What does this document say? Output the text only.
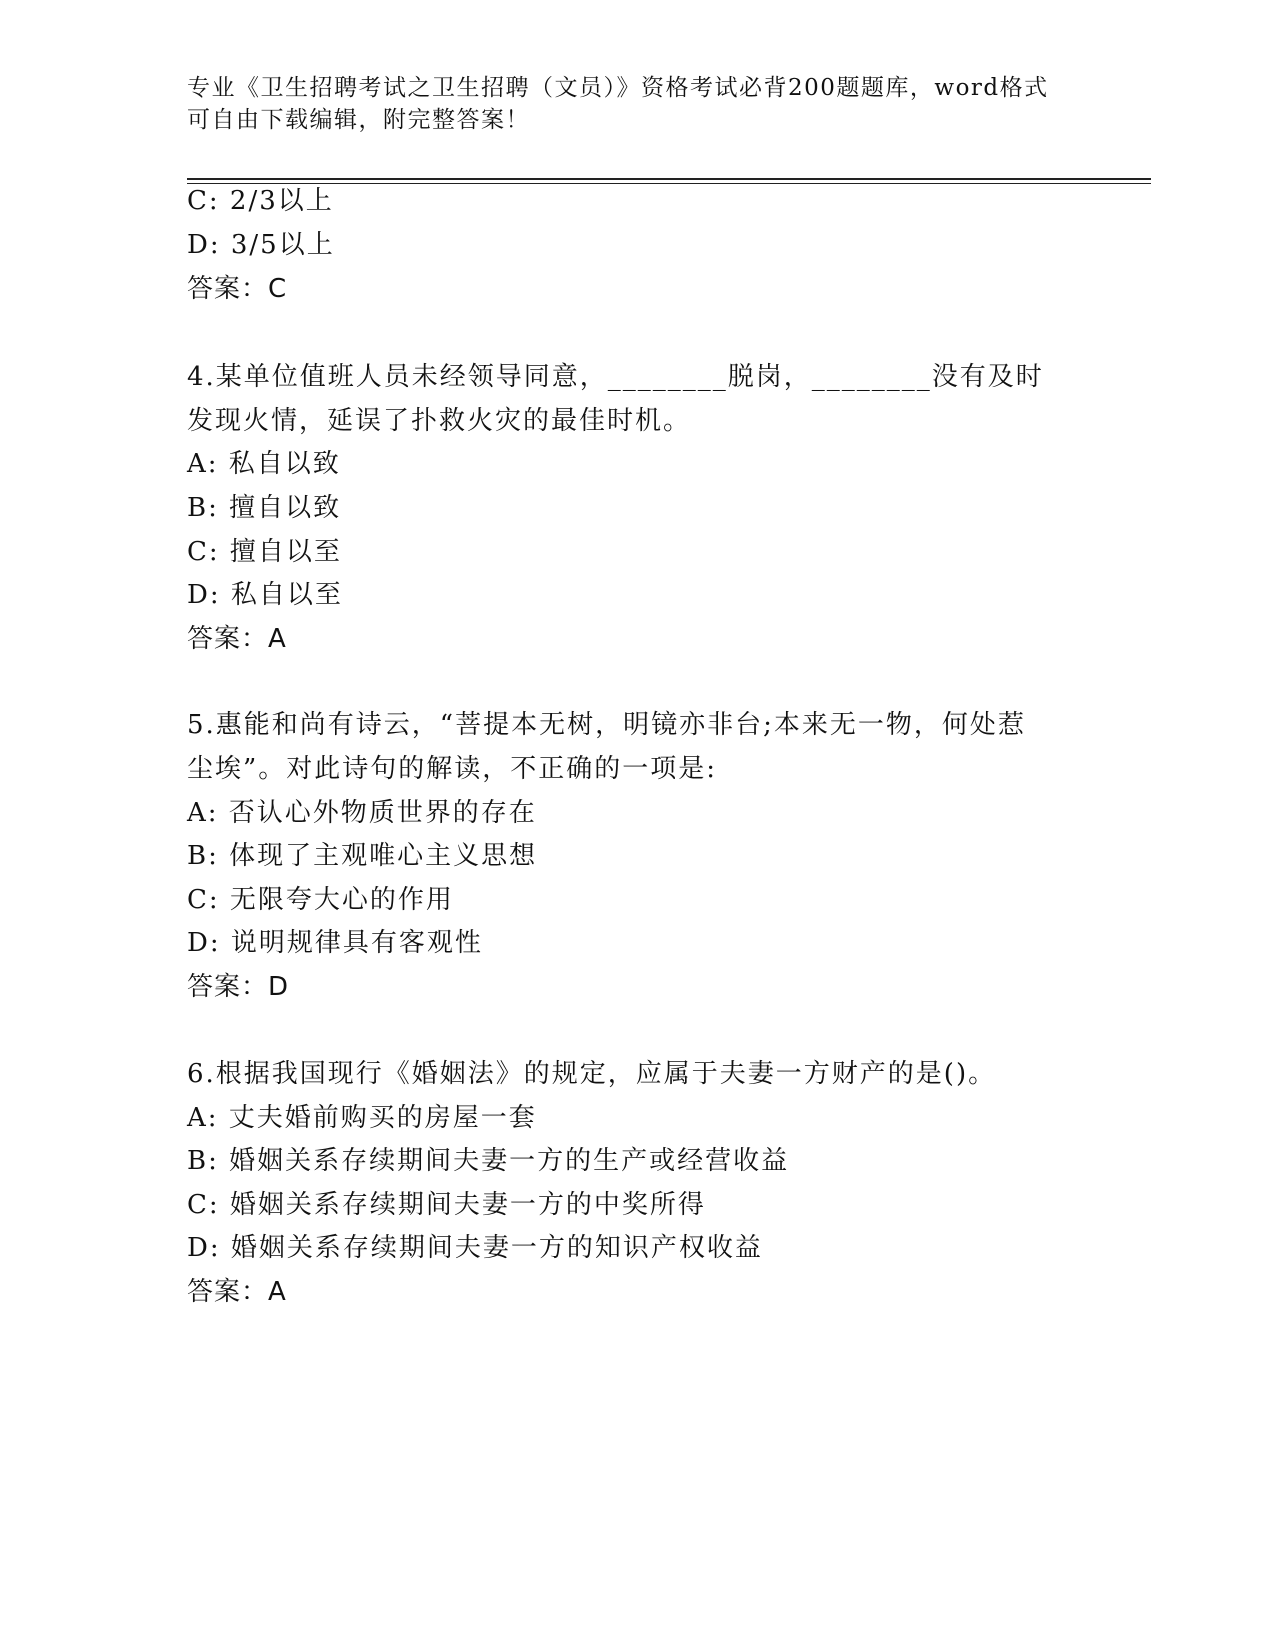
专业《卫生招聘考试之卫生招聘（文员）》资格考试必背200题题库，word格式
可自由下载编辑，附完整答案！
C: 2/3以上
D: 3/5以上
答案：C
4.某单位值班人员未经领导同意，________脱岗，________没有及时
发现火情，延误了扑救火灾的最佳时机。
A: 私自以致
B: 擅自以致
C: 擅自以至
D: 私自以至
答案：A
5.惠能和尚有诗云，“菩提本无树，明镜亦非台;本来无一物，何处惹
尘埃”。对此诗句的解读，不正确的一项是:
A: 否认心外物质世界的存在
B: 体现了主观唯心主义思想
C: 无限夸大心的作用
D: 说明规律具有客观性
答案：D
6.根据我国现行《婚姻法》的规定，应属于夫妻一方财产的是()。
A: 丈夫婚前购买的房屋一套
B: 婚姻关系存续期间夫妻一方的生产或经营收益
C: 婚姻关系存续期间夫妻一方的中奖所得
D: 婚姻关系存续期间夫妻一方的知识产权收益
答案：A
